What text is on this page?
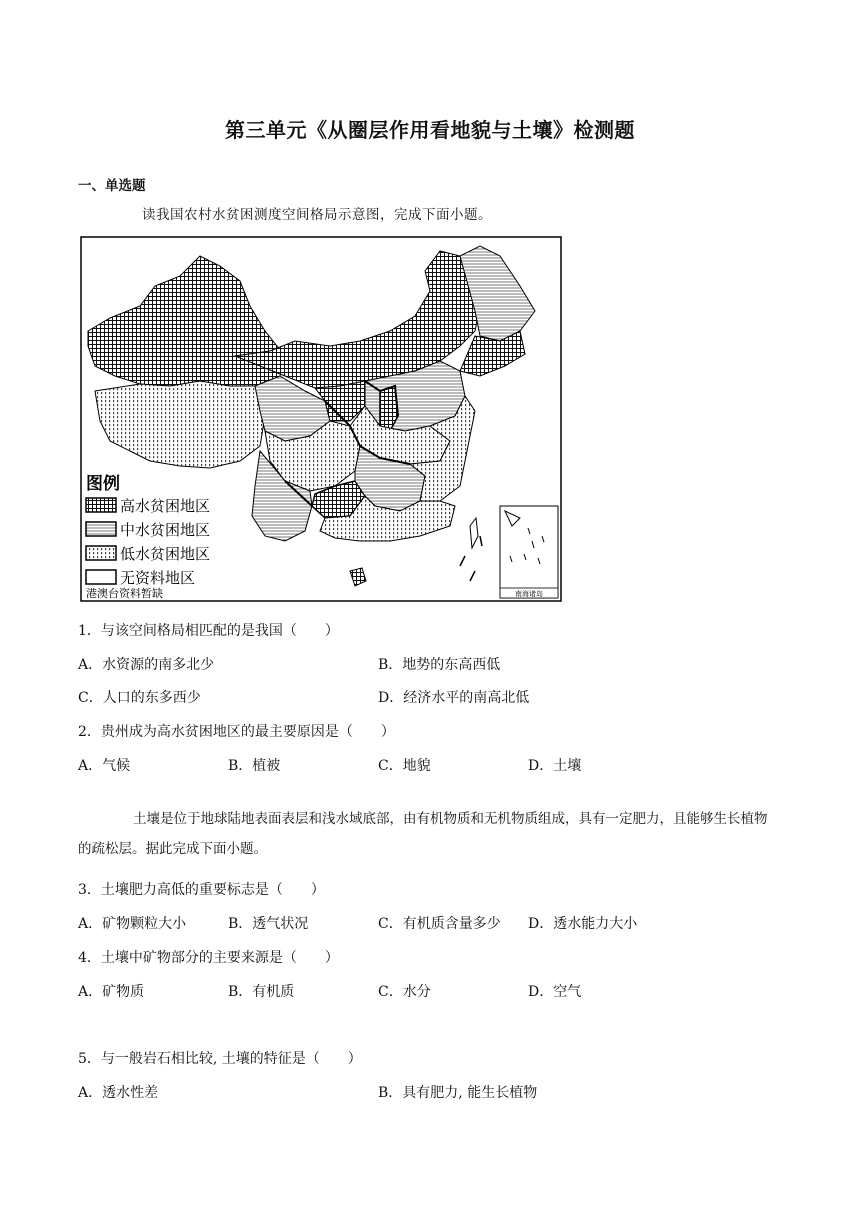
第三单元《从圈层作用看地貌与土壤》检测题
一、单选题
读我国农村水贫困测度空间格局示意图，完成下面小题。
南海诸岛
图例
高水贫困地区
中水贫困地区
低水贫困地区
无资料地区
港澳台资料暂缺
1．与该空间格局相匹配的是我国（　　）
A．水资源的南多北少	B．地势的东高西低
C．人口的东多西少	D．经济水平的南高北低
2．贵州成为高水贫困地区的最主要原因是（　　）
A．气候	B．植被	C．地貌	D．土壤
土壤是位于地球陆地表面表层和浅水域底部，由有机物质和无机物质组成，具有一定肥力，且能够生长植物的疏松层。据此完成下面小题。
3．土壤肥力高低的重要标志是（　　）
A．矿物颗粒大小	B．透气状况	C．有机质含量多少 D．透水能力大小
4．土壤中矿物部分的主要来源是（　　）
A．矿物质	B．有机质	C．水分	D．空气
5．与一般岩石相比较, 土壤的特征是（　　）
A．透水性差	B．具有肥力, 能生长植物
